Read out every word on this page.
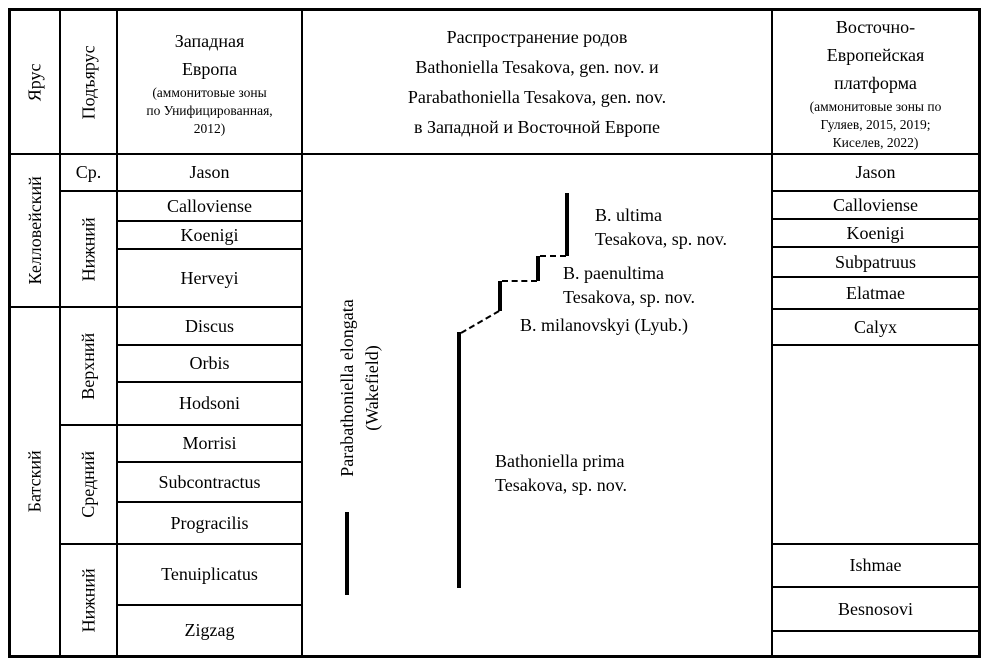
Ярус
Келловейский
Батский
Подъярус
Ср.
Нижний
Верхний
Средний
Нижний
Западная
Европа
(аммонитовые зоны
по Унифицированная,
2012)
Jason
Calloviense
Koenigi
Herveyi
Discus
Orbis
Hodsoni
Morrisi
Subcontractus
Progracilis
Tenuiplicatus
Zigzag
Распространение родов
Bathoniella Tesakova, gen. nov. и
Parabathoniella Tesakova, gen. nov.
в Западной и Восточной Европе
B. ultima
Tesakova, sp. nov.
B. paenultima
Tesakova, sp. nov.
B. milanovskyi (Lyub.)
Bathoniella prima
Tesakova, sp. nov.
Parabathoniella elongata (Wakefield)
Восточно-
Европейская
платформа
(аммонитовые зоны по
Гуляев, 2015, 2019;
Киселев, 2022)
Jason
Calloviense
Koenigi
Subpatruus
Elatmae
Calyx
Ishmae
Besnosovi
